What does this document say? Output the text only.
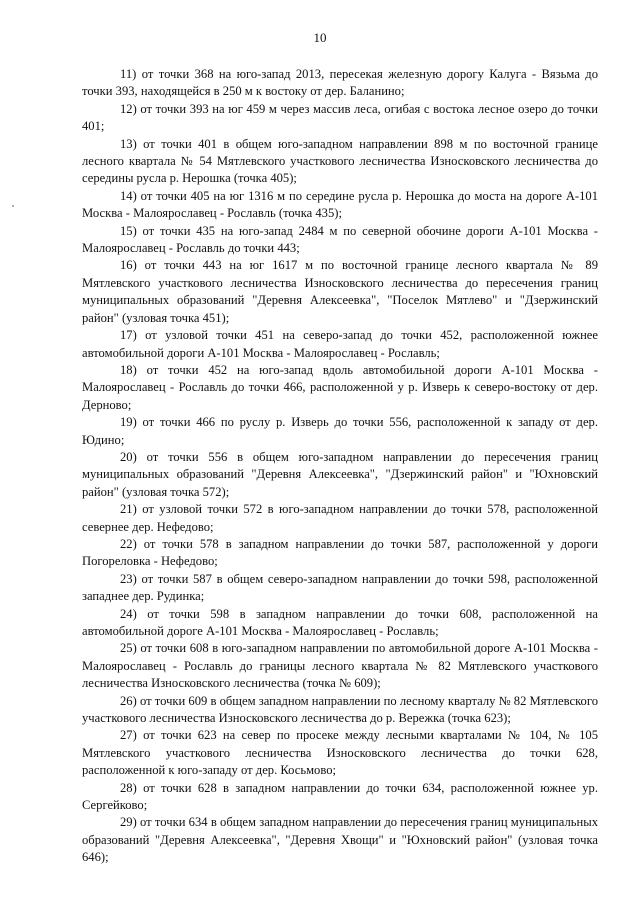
10

11) от точки 368 на юго-запад 2013, пересекая железную дорогу Калуга - Вязьма до точки 393, находящейся в 250 м к востоку от дер. Баланино;

12) от точки 393 на юг 459 м через массив леса, огибая с востока лесное озеро до точки 401;

13) от точки 401 в общем юго-западном направлении 898 м по восточной границе лесного квартала № 54 Мятлевского участкового лесничества Износковского лесничества до середины русла р. Нерошка (точка 405);

14) от точки 405 на юг 1316 м по середине русла р. Нерошка до моста на дороге А-101 Москва - Малоярославец - Рославль (точка 435);

15) от точки 435 на юго-запад 2484 м по северной обочине дороги А-101 Москва - Малоярославец - Рославль до точки 443;

16) от точки 443 на юг 1617 м по восточной границе лесного квартала № 89 Мятлевского участкового лесничества Износковского лесничества до пересечения границ муниципальных образований "Деревня Алексеевка", "Поселок Мятлево" и "Дзержинский район" (узловая точка 451);

17) от узловой точки 451 на северо-запад до точки 452, расположенной южнее автомобильной дороги А-101 Москва - Малоярославец - Рославль;

18) от точки 452 на юго-запад вдоль автомобильной дороги А-101 Москва - Малоярославец - Рославль до точки 466, расположенной у р. Изверь к северо-востоку от дер. Дерново;

19) от точки 466 по руслу р. Изверь до точки 556, расположенной к западу от дер. Юдино;

20) от точки 556 в общем юго-западном направлении до пересечения границ муниципальных образований "Деревня Алексеевка", "Дзержинский район" и "Юхновский район" (узловая точка 572);

21) от узловой точки 572 в юго-западном направлении до точки 578, расположенной севернее дер. Нефедово;

22) от точки 578 в западном направлении до точки 587, расположенной у дороги Погореловка - Нефедово;

23) от точки 587 в общем северо-западном направлении до точки 598, расположенной западнее дер. Рудинка;

24) от точки 598 в западном направлении до точки 608, расположенной на автомобильной дороге А-101 Москва - Малоярославец - Рославль;

25) от точки 608 в юго-западном направлении по автомобильной дороге А-101 Москва - Малоярославец - Рославль до границы лесного квартала № 82 Мятлевского участкового лесничества Износковского лесничества (точка № 609);

26) от точки 609 в общем западном направлении по лесному кварталу № 82 Мятлевского участкового лесничества Износковского лесничества до р. Вережка (точка 623);

27) от точки 623 на север по просеке между лесными кварталами № 104, № 105 Мятлевского участкового лесничества Износковского лесничества до точки 628, расположенной к юго-западу от дер. Косьмово;

28) от точки 628 в западном направлении до точки 634, расположенной южнее ур. Сергейково;

29) от точки 634 в общем западном направлении до пересечения границ муниципальных образований "Деревня Алексеевка", "Деревня Хвощи" и "Юхновский район" (узловая точка 646);
